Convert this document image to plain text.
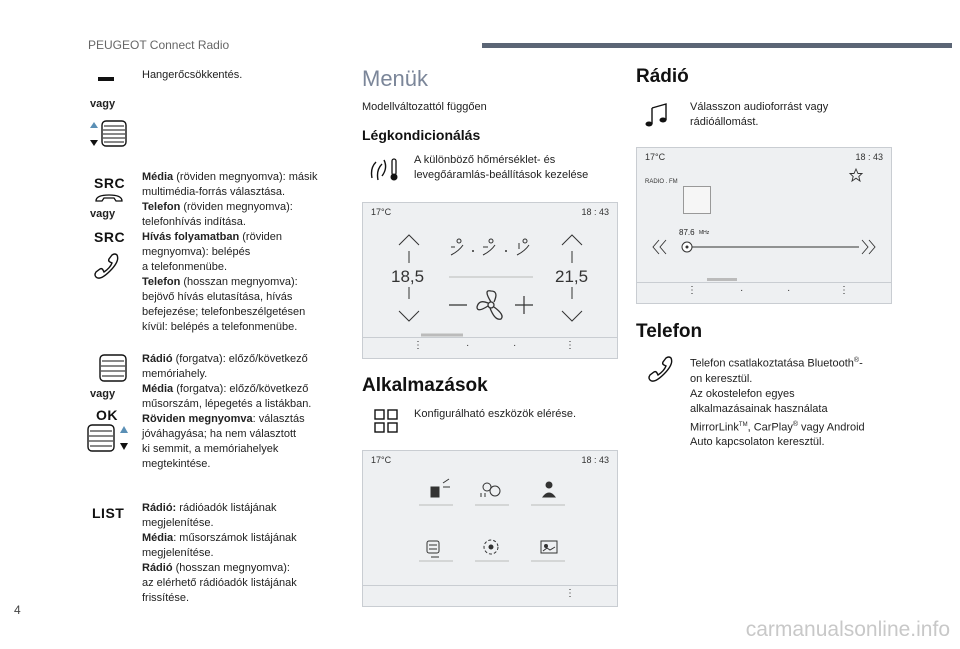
PEUGEOT Connect Radio
Hangerőcsökkentés.
vagy
SRC
vagy
SRC
Média (röviden megnyomva): másik
multimédia-forrás választása.
Telefon (röviden megnyomva):
telefonhívás indítása.
Hívás folyamatban (röviden
megnyomva): belépés
a telefonmenübe.
Telefon (hosszan megnyomva):
bejövő hívás elutasítása, hívás
befejezése; telefonbeszélgetésen
kívül: belépés a telefonmenübe.
vagy
OK
Rádió (forgatva): előző/következő
memóriahely.
Média (forgatva): előző/következő
műsorszám, lépegetés a listákban.
Röviden megnyomva: választás
jóváhagyása; ha nem választott
ki semmit, a memóriahelyek
megtekintése.
LIST Rádió: rádióadók listájának
megjelenítése.
Média: műsorszámok listájának
megjelenítése.
Rádió (hosszan megnyomva):
az elérhető rádióadók listájának
frissítése.
Menük
Modellváltozattól függően
Légkondicionálás
A különböző hőmérséklet- és
levegőáramlás-beállítások kezelése
17°C	18 : 43
18,5	21,5
⋮	·	·	⋮
Alkalmazások
Konfigurálható eszközök elérése.
17°C	18 : 43
⋮
Rádió
Válasszon audioforrást vagy
rádióállomást.
17°C	18 : 43
RADIO . FM
87.6 MHz
⋮	·	·	⋮
Telefon
Telefon csatlakoztatása Bluetooth®-
on keresztül.
Az okostelefon egyes
alkalmazásainak használata
MirrorLink™, CarPlay® vagy Android
Auto kapcsolaton keresztül.
4
carmanualsonline.info
